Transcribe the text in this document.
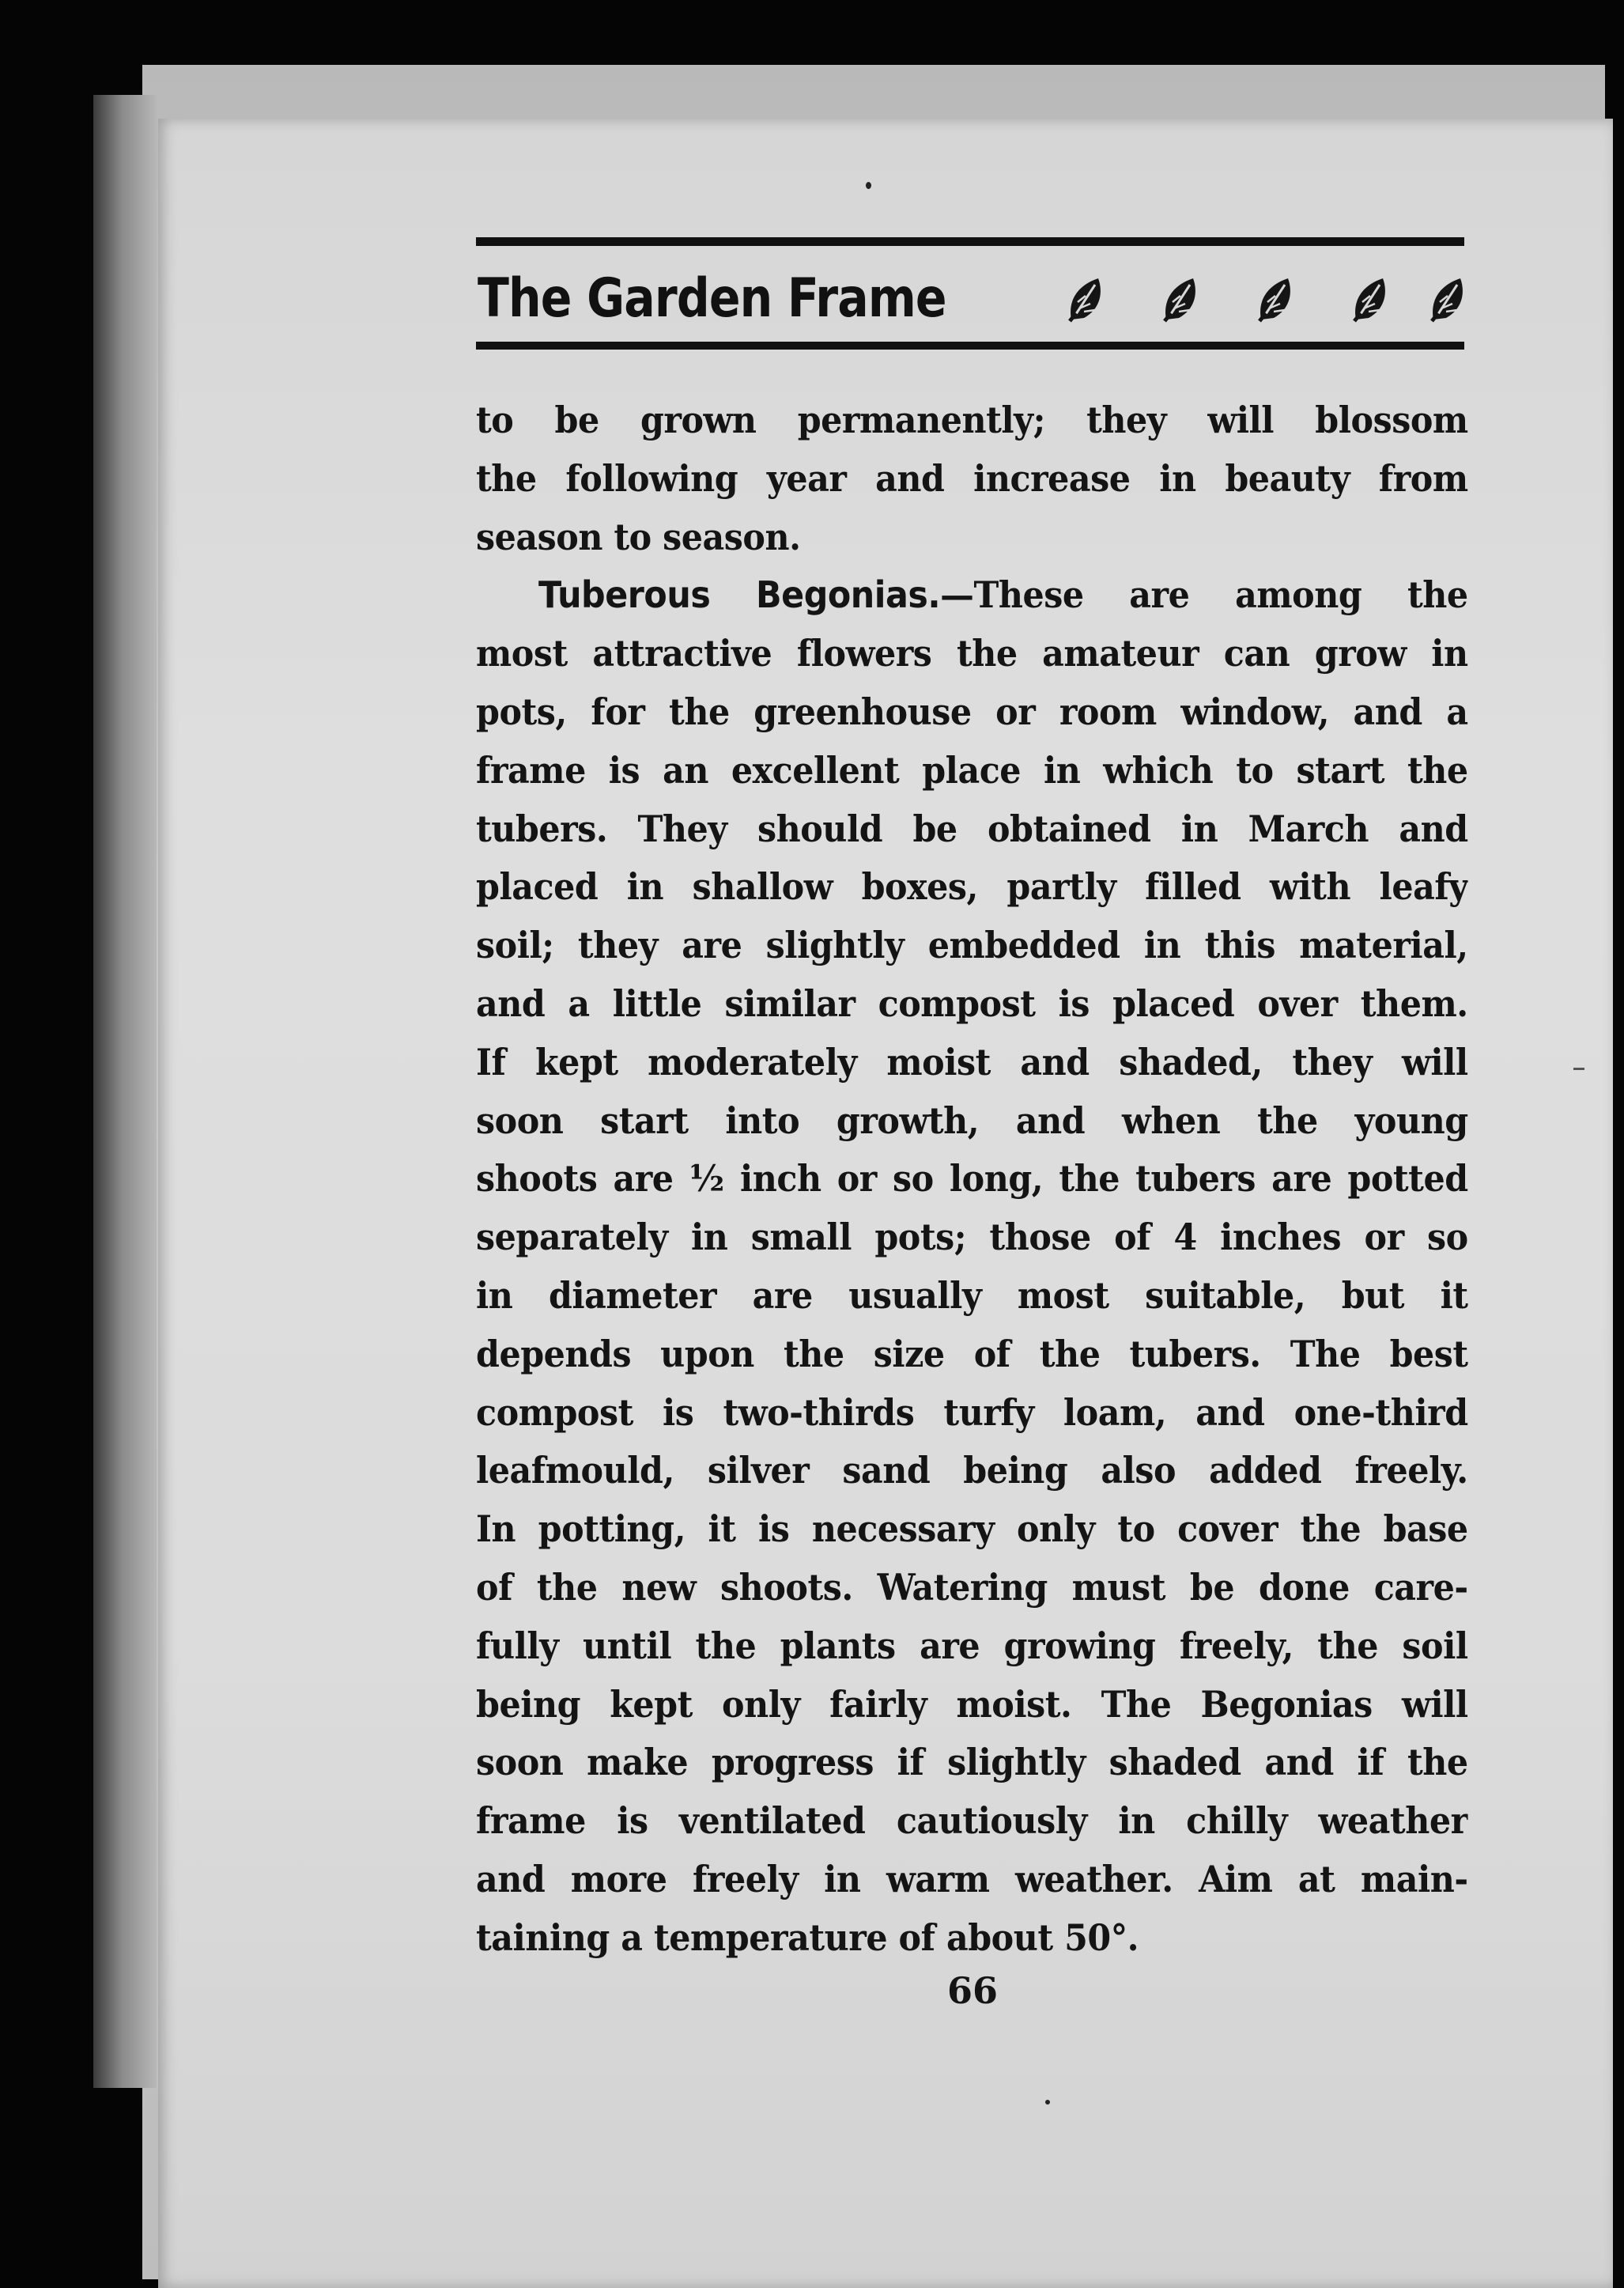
The Garden Frame
to be grown permanently; they will blossom
the following year and increase in beauty from
season to season.
Tuberous Begonias.—These are among the
most attractive flowers the amateur can grow in
pots, for the greenhouse or room window, and a
frame is an excellent place in which to start the
tubers. They should be obtained in March and
placed in shallow boxes, partly filled with leafy
soil; they are slightly embedded in this material,
and a little similar compost is placed over them.
If kept moderately moist and shaded, they will
soon start into growth, and when the young
shoots are ½ inch or so long, the tubers are potted
separately in small pots; those of 4 inches or so
in diameter are usually most suitable, but it
depends upon the size of the tubers. The best
compost is two-thirds turfy loam, and one-third
leafmould, silver sand being also added freely.
In potting, it is necessary only to cover the base
of the new shoots. Watering must be done care-
fully until the plants are growing freely, the soil
being kept only fairly moist. The Begonias will
soon make progress if slightly shaded and if the
frame is ventilated cautiously in chilly weather
and more freely in warm weather. Aim at main-
taining a temperature of about 50°.
66
